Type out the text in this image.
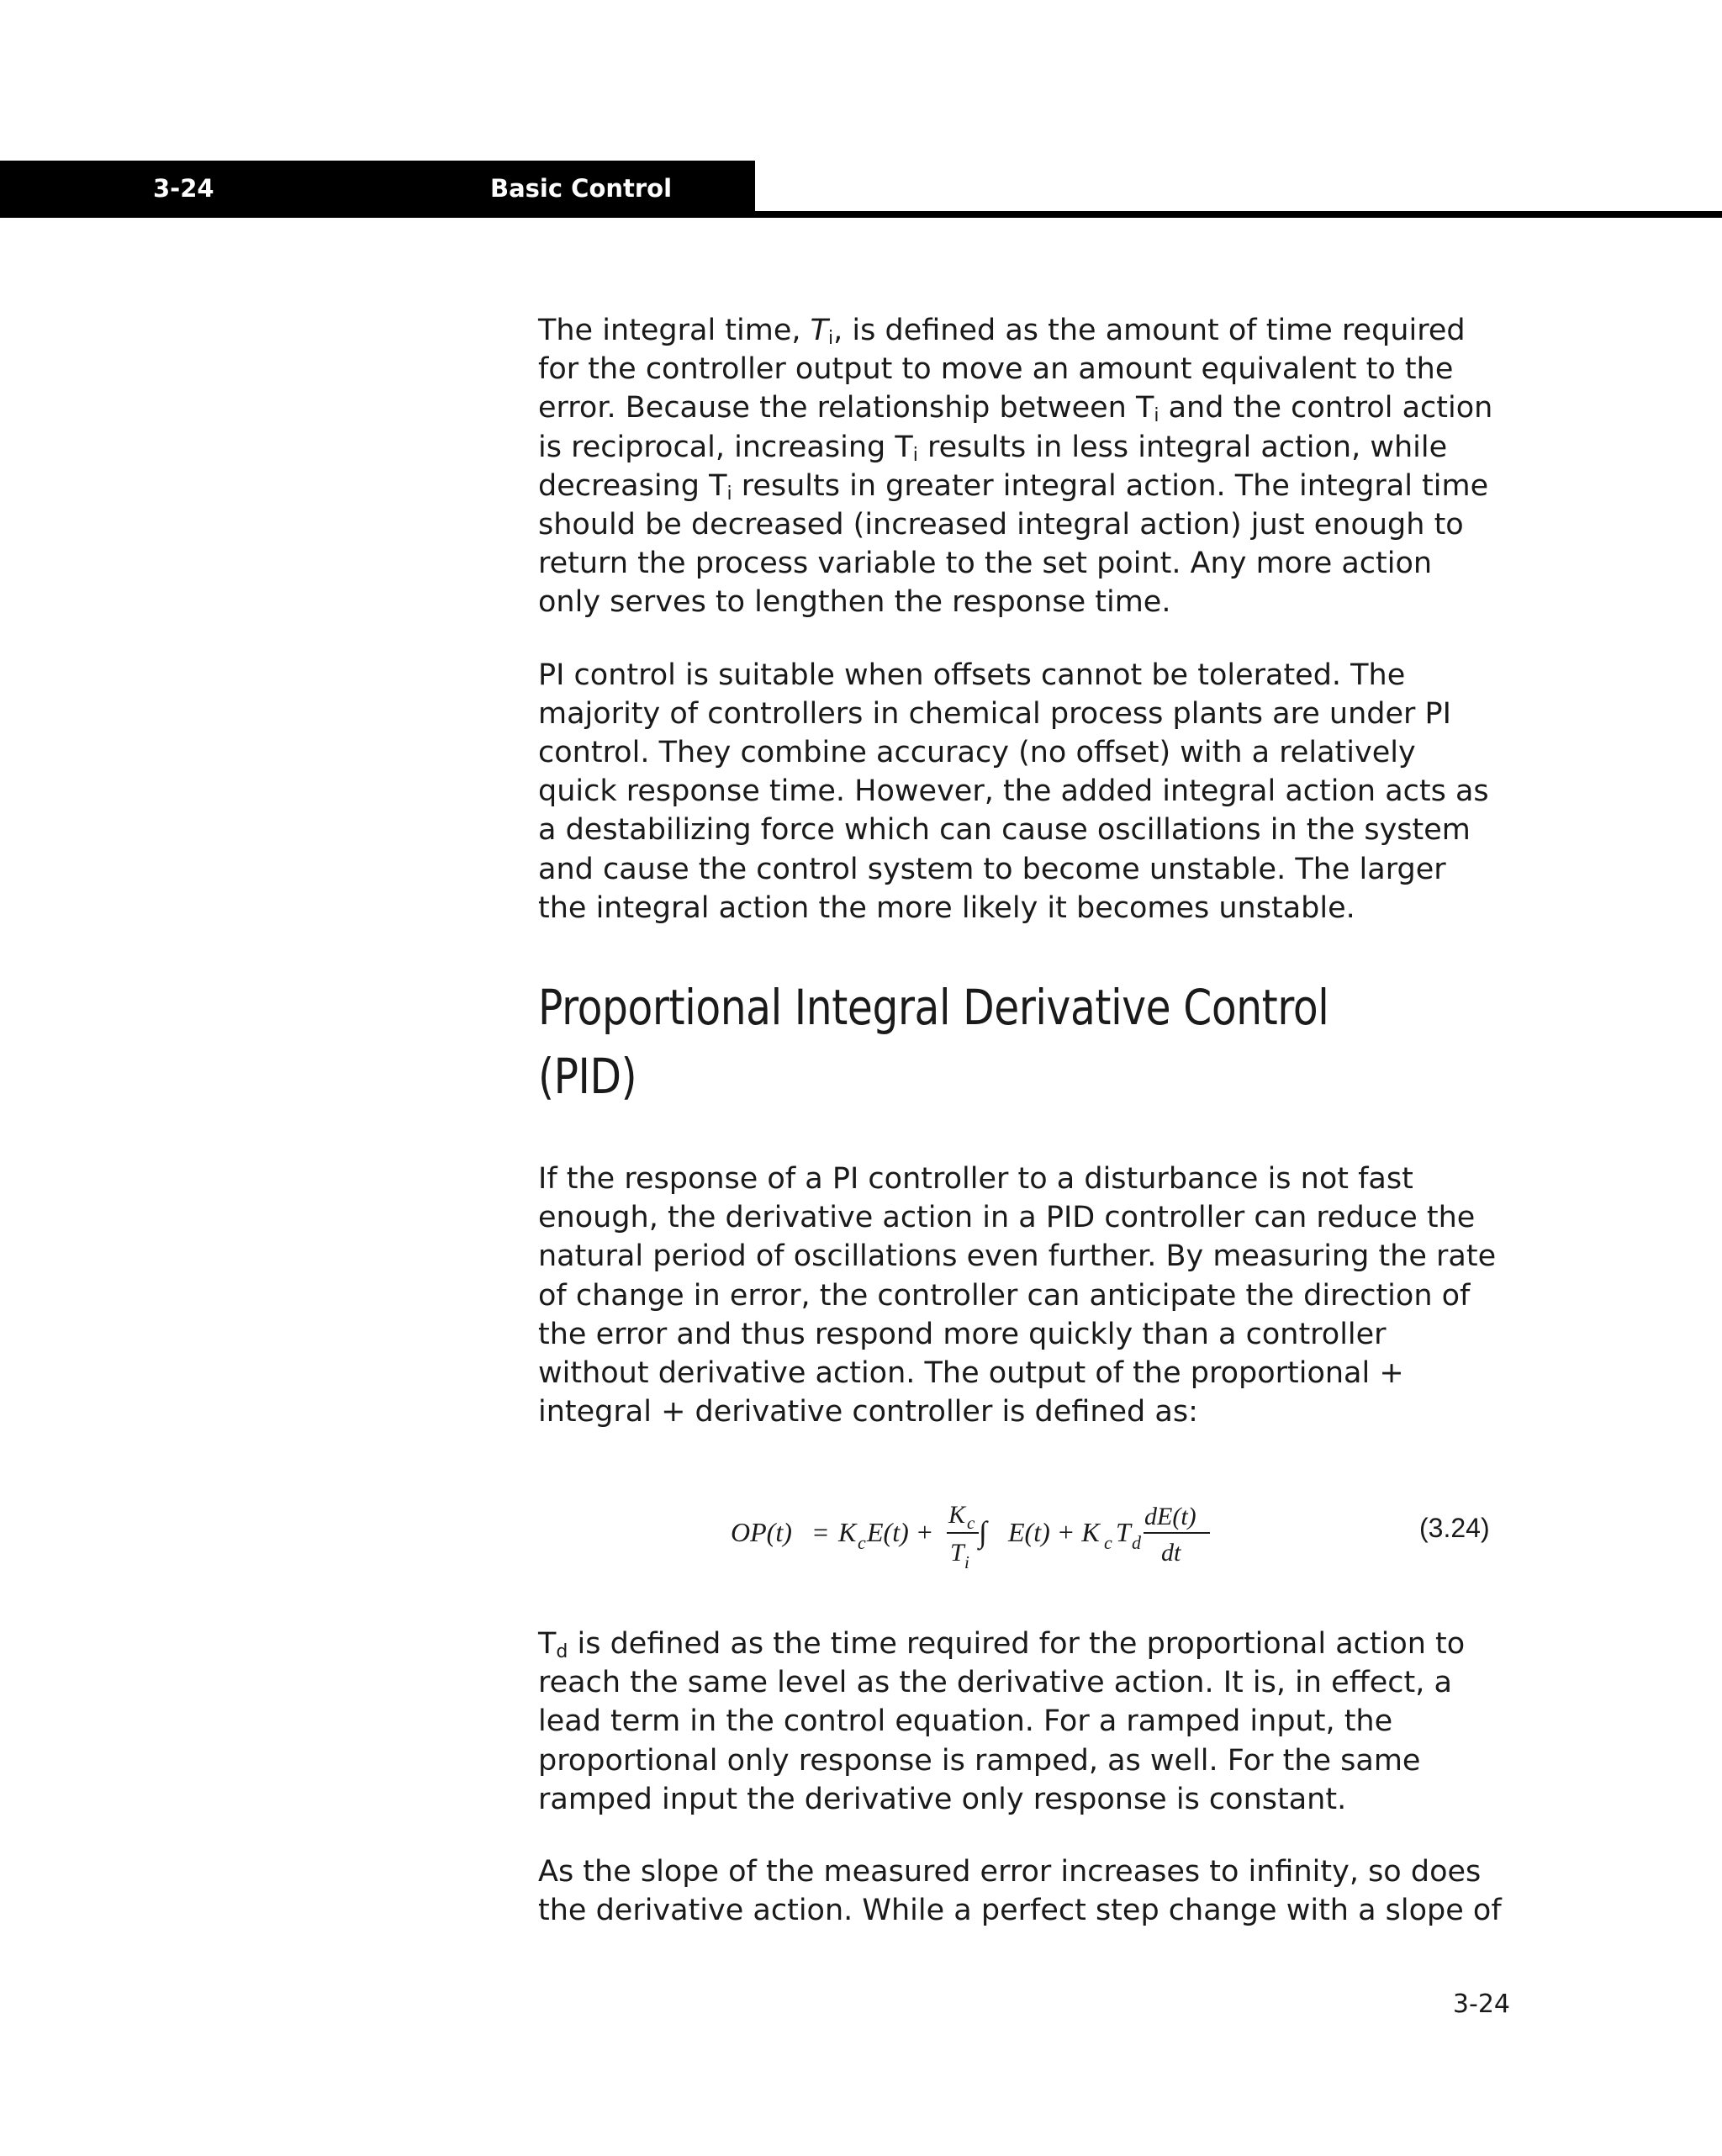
3-24	Basic Control
The integral time, $T_i$, is defined as the amount of time required
for the controller output to move an amount equivalent to the
error. Because the relationship between $T_i$ and the control action
is reciprocal, increasing $T_i$ results in less integral action, while
decreasing $T_i$ results in greater integral action. The integral time
should be decreased (increased integral action) just enough to
return the process variable to the set point. Any more action
only serves to lengthen the response time.
PI control is suitable when offsets cannot be tolerated. The
majority of controllers in chemical process plants are under PI
control. They combine accuracy (no offset) with a relatively
quick response time. However, the added integral action acts as
a destabilizing force which can cause oscillations in the system
and cause the control system to become unstable. The larger
the integral action the more likely it becomes unstable.
Proportional Integral Derivative Control
(PID)
If the response of a PI controller to a disturbance is not fast
enough, the derivative action in a PID controller can reduce the
natural period of oscillations even further. By measuring the rate
of change in error, the controller can anticipate the direction of
the error and thus respond more quickly than a controller
without derivative action. The output of the proportional +
integral + derivative controller is defined as:
OP(t) = K c E(t) +
K c
T i
∫ E(t) + K c T d
dE(t)
dt
(3.24)
$T_d$ is defined as the time required for the proportional action to
reach the same level as the derivative action. It is, in effect, a
lead term in the control equation. For a ramped input, the
proportional only response is ramped, as well. For the same
ramped input the derivative only response is constant.
As the slope of the measured error increases to infinity, so does
the derivative action. While a perfect step change with a slope of
3-24
